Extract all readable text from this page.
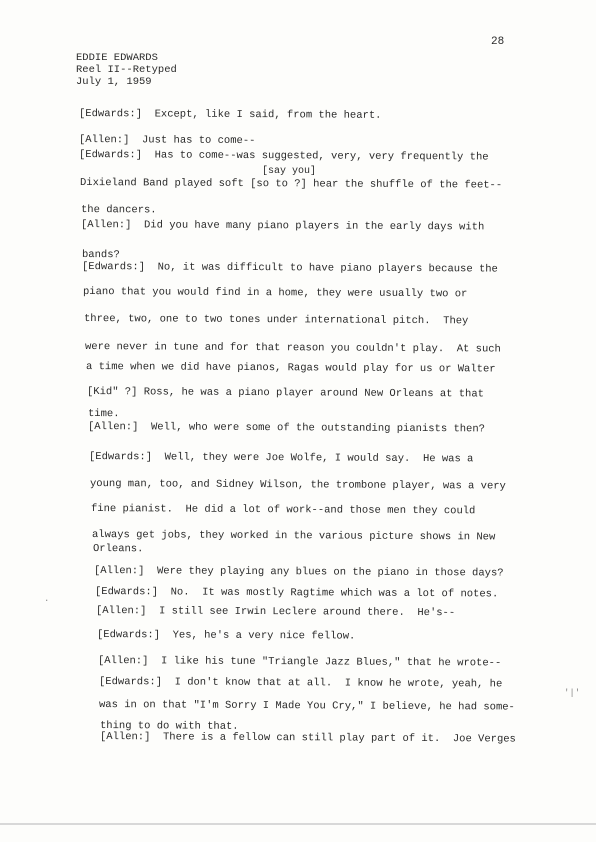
28
EDDIE EDWARDS
Reel II--Retyped
July 1, 1959
[say you]
[Edwards:]  Except, like I said, from the heart.
[Allen:]  Just has to come--
[Edwards:]  Has to come--was suggested, very, very frequently the
Dixieland Band played soft [so to ?] hear the shuffle of the feet--
the dancers.
[Allen:]  Did you have many piano players in the early days with
bands?
[Edwards:]  No, it was difficult to have piano players because the
piano that you would find in a home, they were usually two or
three, two, one to two tones under international pitch.  They
were never in tune and for that reason you couldn't play.  At such
a time when we did have pianos, Ragas would play for us or Walter
[Kid" ?] Ross, he was a piano player around New Orleans at that
time.
[Allen:]  Well, who were some of the outstanding pianists then?
[Edwards:]  Well, they were Joe Wolfe, I would say.  He was a
young man, too, and Sidney Wilson, the trombone player, was a very
fine pianist.  He did a lot of work--and those men they could
always get jobs, they worked in the various picture shows in New
Orleans.
[Allen:]  Were they playing any blues on the piano in those days?
[Edwards:]  No.  It was mostly Ragtime which was a lot of notes.
[Allen:]  I still see Irwin Leclere around there.  He's--
[Edwards:]  Yes, he's a very nice fellow.
[Allen:]  I like his tune "Triangle Jazz Blues," that he wrote--
[Edwards:]  I don't know that at all.  I know he wrote, yeah, he
was in on that "I'm Sorry I Made You Cry," I believe, he had some-
thing to do with that.
[Allen:]  There is a fellow can still play part of it.  Joe Verges
·
'|'
